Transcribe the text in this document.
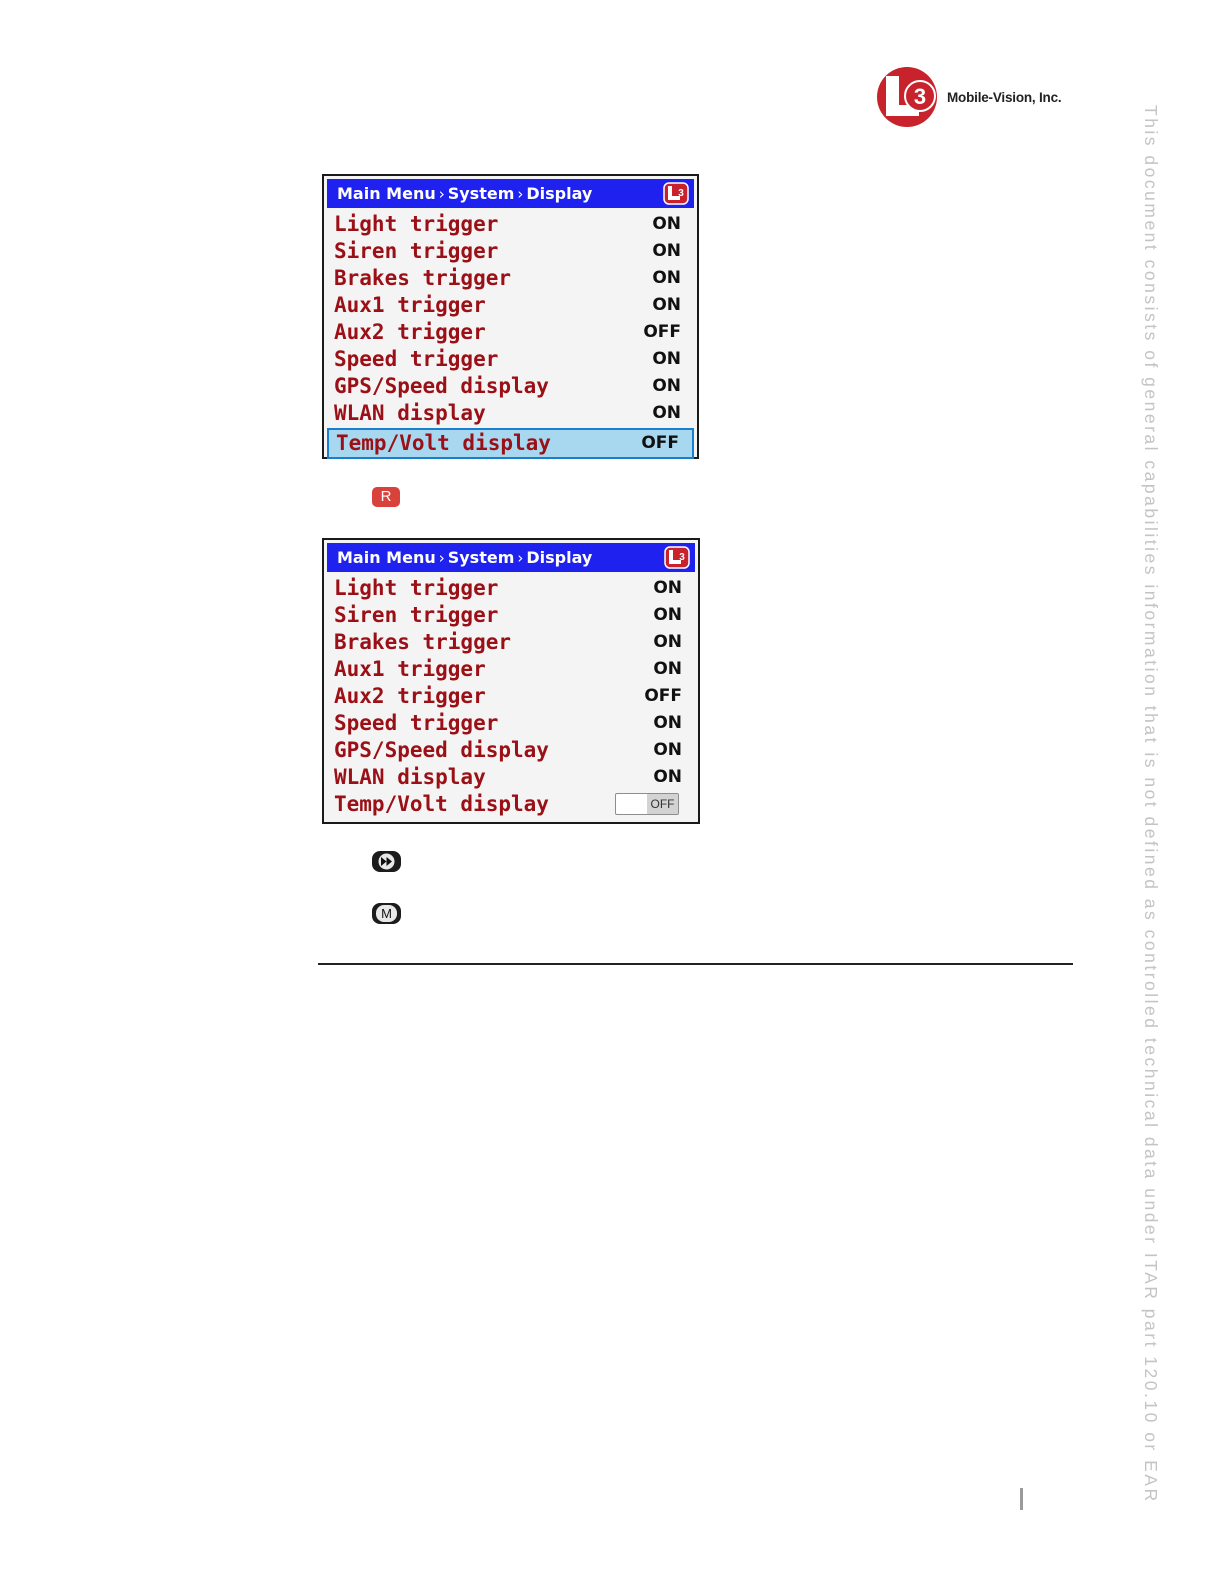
3 Mobile-Vision, Inc.
This document consists of general capabilities information that is not defined as controlled technical data under ITAR part 120.10 or EAR
Main Menu › System › Display	3
Light trigger	ON
Siren trigger	ON
Brakes trigger	ON
Aux1 trigger	ON
Aux2 trigger	OFF
Speed trigger	ON
GPS/Speed display	ON
WLAN display	ON
Temp/Volt display	OFF
R
Main Menu › System › Display	3
Light trigger	ON
Siren trigger	ON
Brakes trigger	ON
Aux1 trigger	ON
Aux2 trigger	OFF
Speed trigger	ON
GPS/Speed display	ON
WLAN display	ON
Temp/Volt display	OFF
M
